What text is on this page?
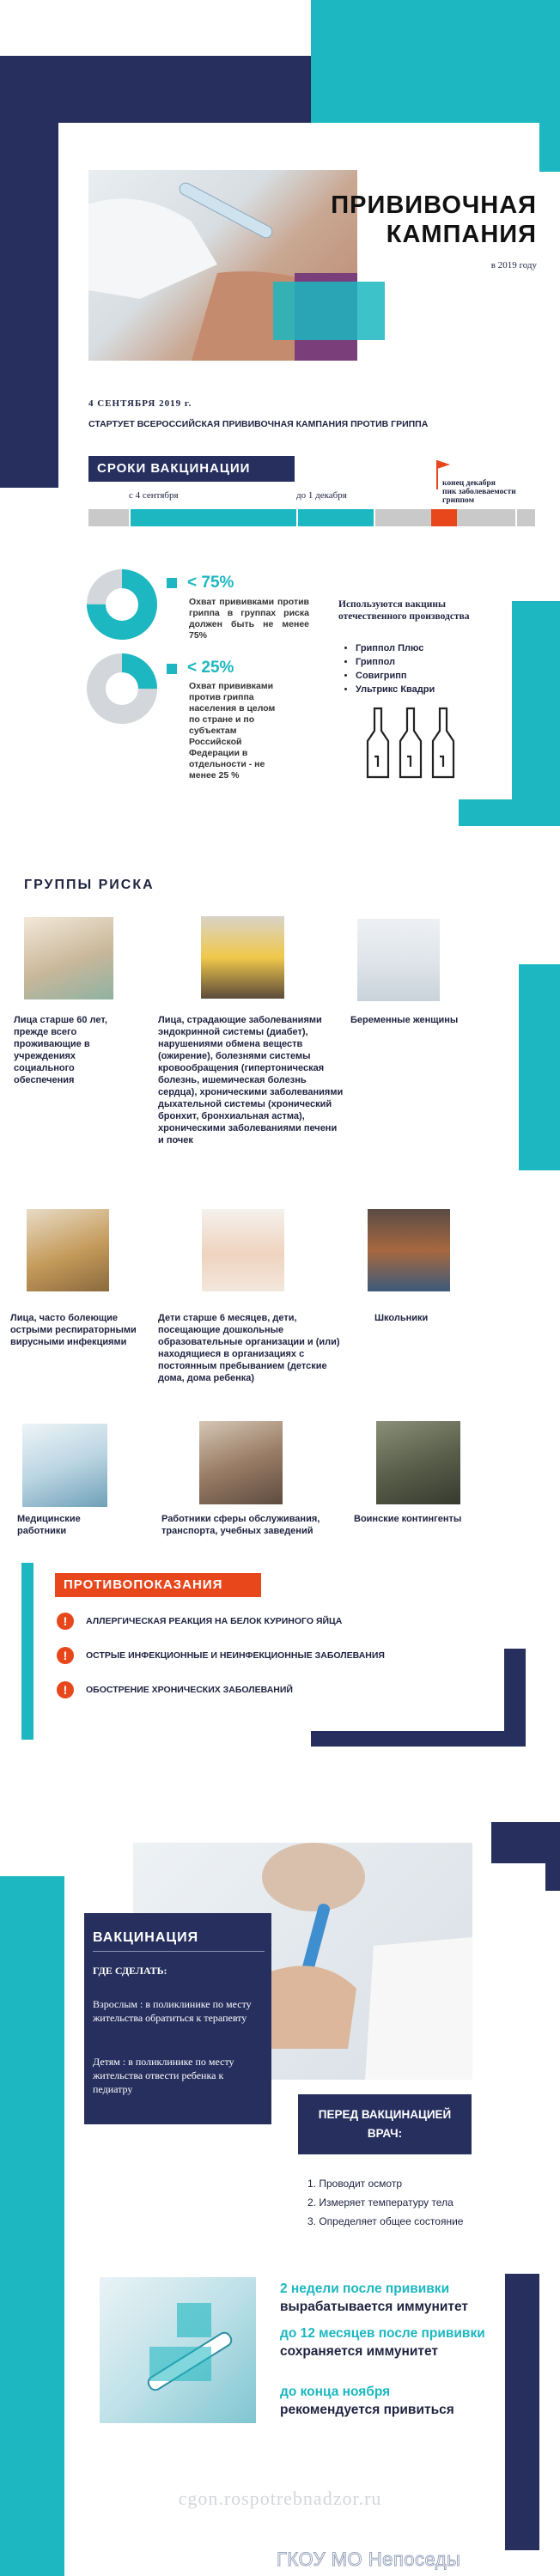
ПРИВИВОЧНАЯ
КАМПАНИЯ
в 2019 году
4 СЕНТЯБРЯ 2019 г.
СТАРТУЕТ ВСЕРОССИЙСКАЯ ПРИВИВОЧНАЯ КАМПАНИЯ ПРОТИВ ГРИППА
СРОКИ ВАКЦИНАЦИИ
с 4 сентября	до 1 декабря
конец декабря
пик заболеваемости
гриппом
< 75%
Охват прививками против гриппа в группах риска должен быть не менее 75%
< 25%
Охват прививками против гриппа населения в целом по стране и по субъектам Российской Федерации в отдельности - не менее 25 %
Используются вакцины отечественного производства
• Гриппол Плюс
• Гриппол
• Совигрипп
• Ультрикс Квадри
ГРУППЫ РИСКА
Лица старше 60 лет, прежде всего проживающие в учреждениях социального обеспечения
Лица, страдающие заболеваниями эндокринной системы (диабет), нарушениями обмена веществ (ожирение), болезнями системы кровообращения (гипертоническая болезнь, ишемическая болезнь сердца), хроническими заболеваниями дыхательной системы (хронический бронхит, бронхиальная астма), хроническими заболеваниями печени и почек
Беременные женщины
Лица, часто болеющие острыми респираторными вирусными инфекциями
Дети старше 6 месяцев, дети, посещающие дошкольные образовательные организации и (или) находящиеся в организациях с постоянным пребыванием (детские дома, дома ребенка)
Школьники
Медицинские работники
Работники сферы обслуживания, транспорта, учебных заведений
Воинские контингенты
ПРОТИВОПОКАЗАНИЯ
!	АЛЛЕРГИЧЕСКАЯ РЕАКЦИЯ НА БЕЛОК КУРИНОГО ЯЙЦА
!	ОСТРЫЕ ИНФЕКЦИОННЫЕ И НЕИНФЕКЦИОННЫЕ ЗАБОЛЕВАНИЯ
!	ОБОСТРЕНИЕ ХРОНИЧЕСКИХ ЗАБОЛЕВАНИЙ
ВАКЦИНАЦИЯ
ГДЕ СДЕЛАТЬ:
Взрослым : в поликлинике по месту жительства обратиться к терапевту
Детям : в поликлинике по месту жительства отвести ребенка к педиатру
ПЕРЕД ВАКЦИНАЦИЕЙ
ВРАЧ:
1. Проводит осмотр
2. Измеряет температуру тела
3. Определяет общее состояние
2 недели после прививки
вырабатывается иммунитет
до 12 месяцев после прививки
сохраняется иммунитет
до конца ноября
рекомендуется привиться
cgon.rospotrebnadzor.ru
ГКОУ МО Непоседы
